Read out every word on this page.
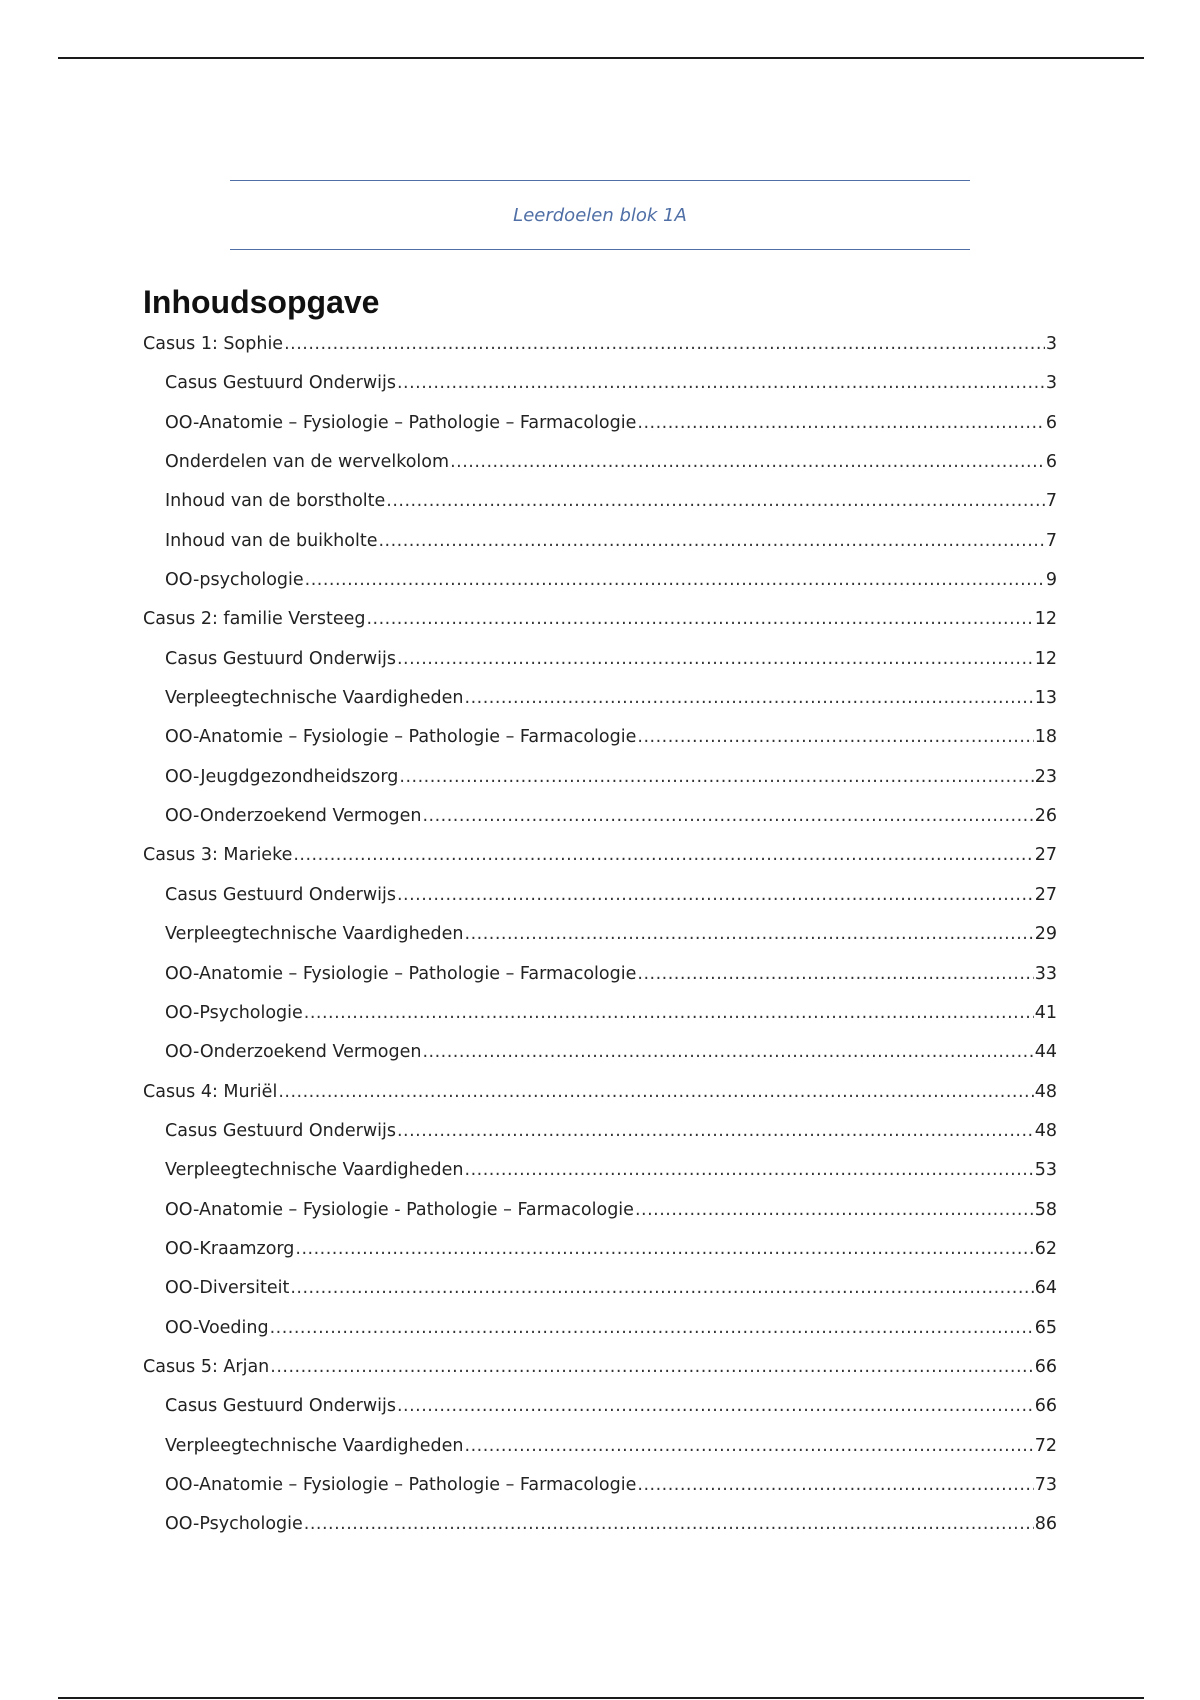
Leerdoelen blok 1A
Inhoudsopgave
Casus 1: Sophie .....	3
Casus Gestuurd Onderwijs .....	3
OO-Anatomie – Fysiologie – Pathologie – Farmacologie .....	6
Onderdelen van de wervelkolom .....	6
Inhoud van de borstholte .....	7
Inhoud van de buikholte .....	7
OO-psychologie .....	9
Casus 2: familie Versteeg .....	12
Casus Gestuurd Onderwijs .....	12
Verpleegtechnische Vaardigheden .....	13
OO-Anatomie – Fysiologie – Pathologie – Farmacologie .....	18
OO-Jeugdgezondheidszorg .....	23
OO-Onderzoekend Vermogen .....	26
Casus 3: Marieke .....	27
Casus Gestuurd Onderwijs .....	27
Verpleegtechnische Vaardigheden .....	29
OO-Anatomie – Fysiologie – Pathologie – Farmacologie .....	33
OO-Psychologie .....	41
OO-Onderzoekend Vermogen .....	44
Casus 4: Muriël .....	48
Casus Gestuurd Onderwijs .....	48
Verpleegtechnische Vaardigheden .....	53
OO-Anatomie – Fysiologie - Pathologie – Farmacologie .....	58
OO-Kraamzorg .....	62
OO-Diversiteit .....	64
OO-Voeding .....	65
Casus 5: Arjan .....	66
Casus Gestuurd Onderwijs .....	66
Verpleegtechnische Vaardigheden .....	72
OO-Anatomie – Fysiologie – Pathologie – Farmacologie .....	73
OO-Psychologie .....	86
